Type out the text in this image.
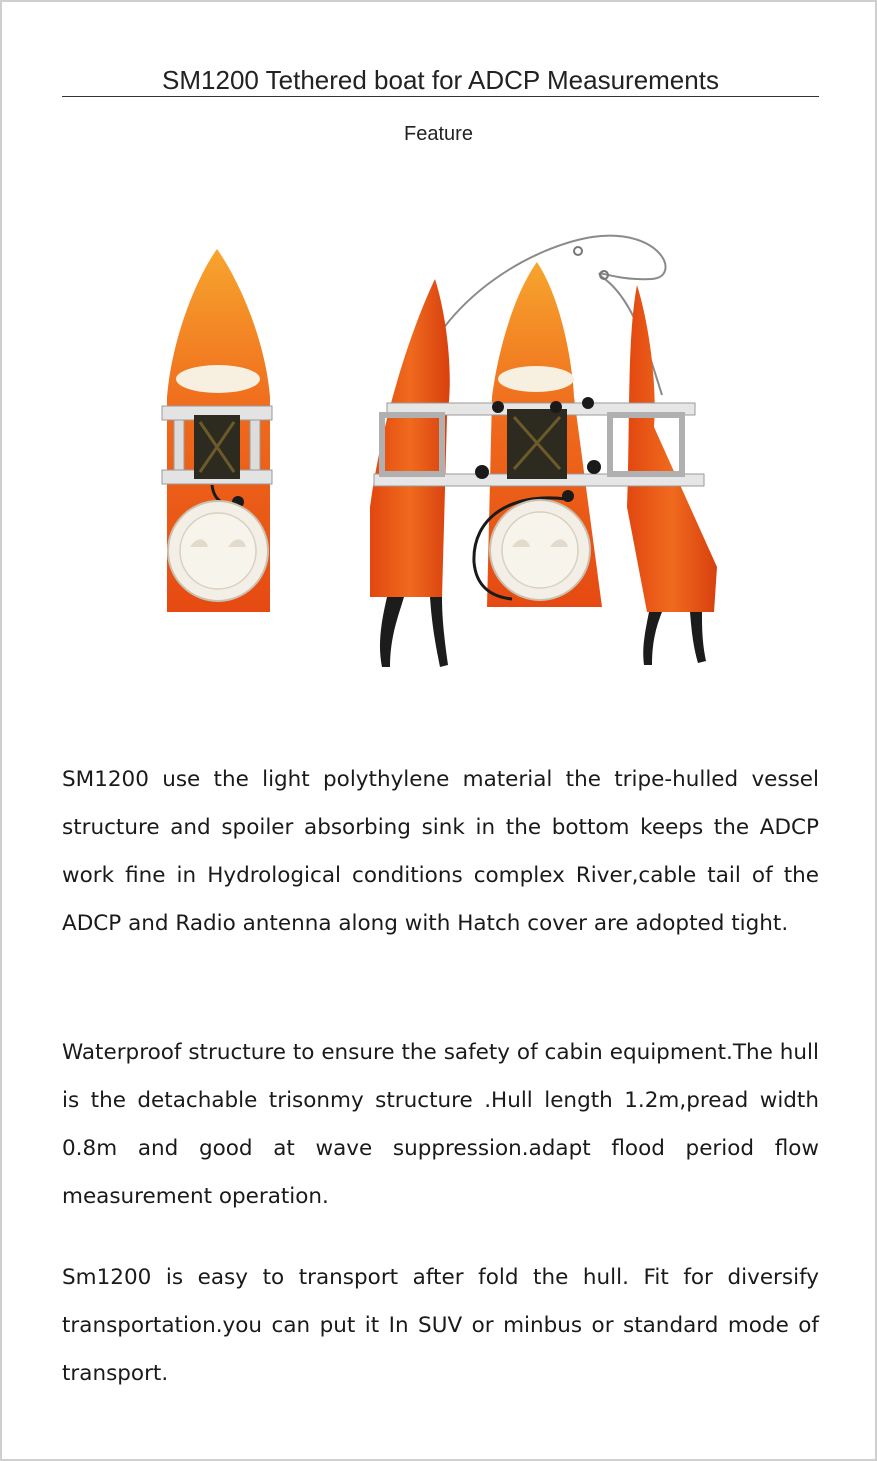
SM1200 Tethered boat for ADCP Measurements
Feature
SM1200 use the light polythylene material the tripe-hulled vessel structure and spoiler absorbing sink in the bottom keeps the ADCP work fine in Hydrological conditions complex River,cable tail of the ADCP and Radio antenna along with Hatch cover are adopted tight.
Waterproof structure to ensure the safety of cabin equipment.The hull is the detachable trisonmy structure .Hull length 1.2m,pread width 0.8m and good at wave suppression.adapt flood period flow measurement operation.
Sm1200 is easy to transport after fold the hull. Fit for diversify transportation.you can put it In SUV or minbus or standard mode of transport.
